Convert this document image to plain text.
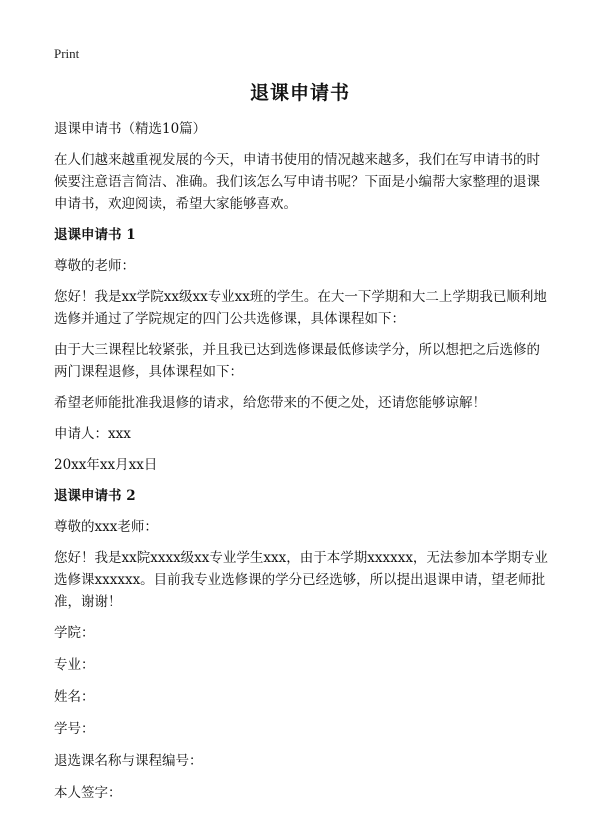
Print
退课申请书

退课申请书（精选10篇）

在人们越来越重视发展的今天，申请书使用的情况越来越多，我们在写申请书的时候要注意语言简洁、准确。我们该怎么写申请书呢？下面是小编帮大家整理的退课申请书，欢迎阅读，希望大家能够喜欢。

退课申请书 1

尊敬的老师：

您好！我是xx学院xx级xx专业xx班的学生。在大一下学期和大二上学期我已顺利地选修并通过了学院规定的四门公共选修课，具体课程如下：

由于大三课程比较紧张，并且我已达到选修课最低修读学分，所以想把之后选修的两门课程退修，具体课程如下：

希望老师能批准我退修的请求，给您带来的不便之处，还请您能够谅解！

申请人：xxx

20xx年xx月xx日

退课申请书 2

尊敬的xxx老师：

您好！我是xx院xxxx级xx专业学生xxx，由于本学期xxxxxx，无法参加本学期专业选修课xxxxxx。目前我专业选修课的学分已经选够，所以提出退课申请，望老师批准，谢谢！

学院：

专业：

姓名：

学号：

退选课名称与课程编号：

本人签字：
